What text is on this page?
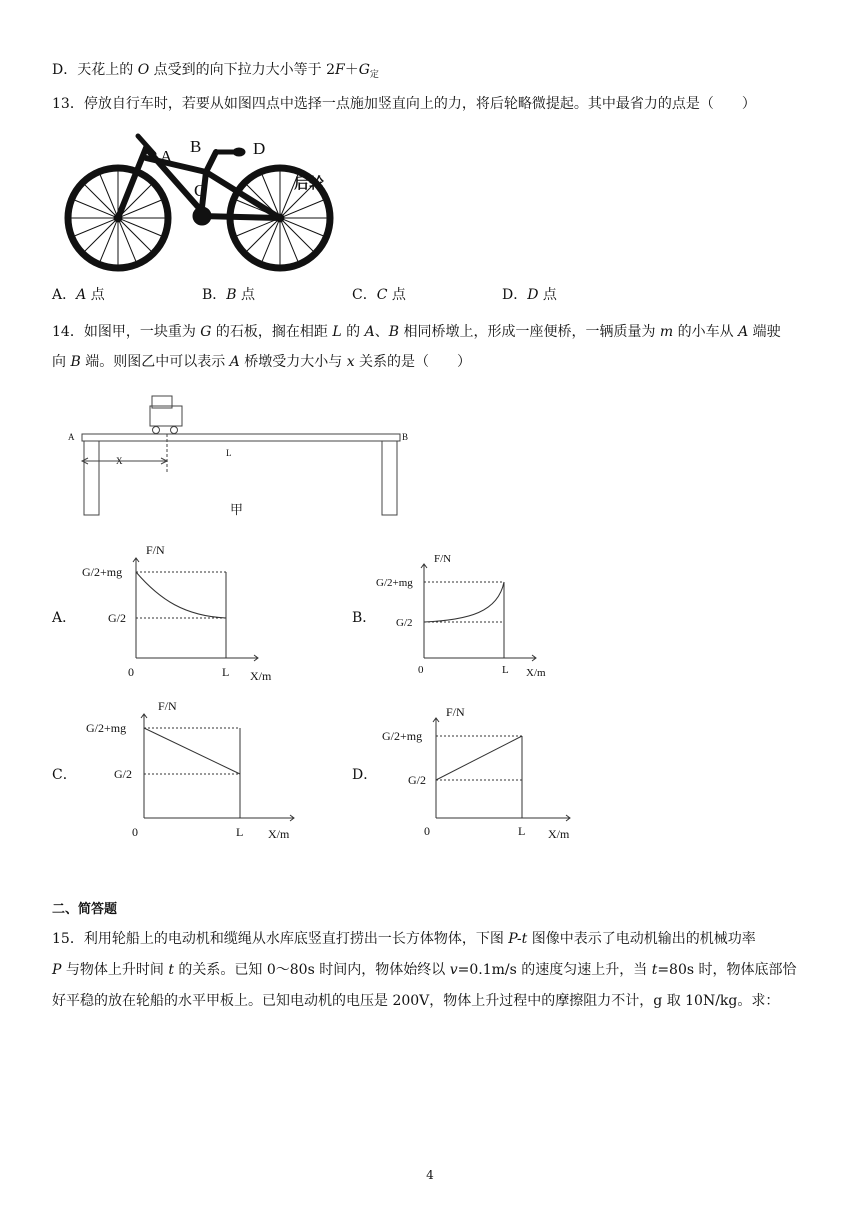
D．天花上的 O 点受到的向下拉力大小等于 $2F+G_定$
13．停放自行车时，若要从如图四点中选择一点施加竖直向上的力，将后轮略微提起。其中最省力的点是（　　）
A
B	D
C	后轮
A．A 点	B．B 点	C．C 点	D．D 点
14．如图甲，一块重为 G 的石板，搁在相距 L 的 A、B 相同桥墩上，形成一座便桥，一辆质量为 m 的小车从 A 端驶
向 B 端。则图乙中可以表示 A 桥墩受力大小与 x 关系的是（　　）
A	B
X
L
甲
A．
F/N
G/2+mg
G/2
0	L X/m
B．
F/N
G/2+mg
G/2
0	L X/m
C．
F/N
G/2+mg
G/2
0	L X/m
D．
F/N
G/2+mg
G/2
0	L X/m
二、简答题
15．利用轮船上的电动机和缆绳从水库底竖直打捞出一长方体物体，下图 P-t 图像中表示了电动机输出的机械功率
P 与物体上升时间 t 的关系。已知 0～80s 时间内，物体始终以 v=0.1m/s 的速度匀速上升，当 t=80s 时，物体底部恰
好平稳的放在轮船的水平甲板上。已知电动机的电压是 200V，物体上升过程中的摩擦阻力不计，g 取 10N/kg。求：
4
